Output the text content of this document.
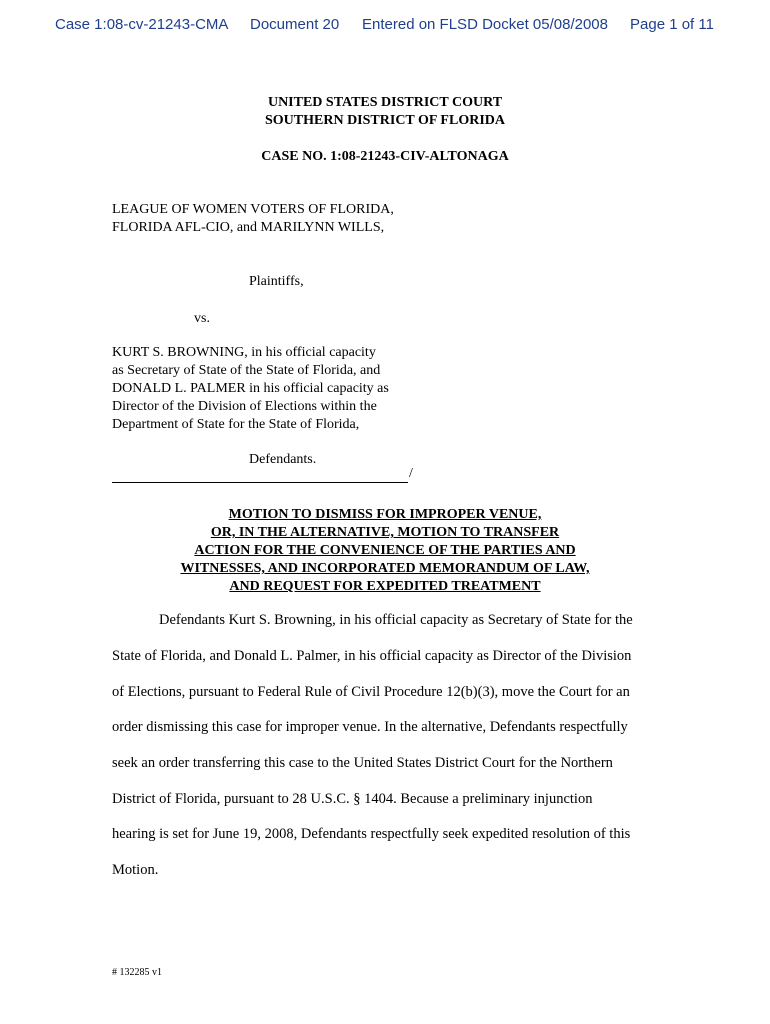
Case 1:08-cv-21243-CMA Document 20 Entered on FLSD Docket 05/08/2008 Page 1 of 11
UNITED STATES DISTRICT COURT
SOUTHERN DISTRICT OF FLORIDA
CASE NO. 1:08-21243-CIV-ALTONAGA
LEAGUE OF WOMEN VOTERS OF FLORIDA,
FLORIDA AFL-CIO, and MARILYNN WILLS,
Plaintiffs,
vs.
KURT S. BROWNING, in his official capacity
as Secretary of State of the State of Florida, and
DONALD L. PALMER in his official capacity as
Director of the Division of Elections within the
Department of State for the State of Florida,
Defendants.
/
MOTION TO DISMISS FOR IMPROPER VENUE,
OR, IN THE ALTERNATIVE, MOTION TO TRANSFER
ACTION FOR THE CONVENIENCE OF THE PARTIES AND
WITNESSES, AND INCORPORATED MEMORANDUM OF LAW,
AND REQUEST FOR EXPEDITED TREATMENT
Defendants Kurt S. Browning, in his official capacity as Secretary of State for the
State of Florida, and Donald L. Palmer, in his official capacity as Director of the Division
of Elections, pursuant to Federal Rule of Civil Procedure 12(b)(3), move the Court for an
order dismissing this case for improper venue. In the alternative, Defendants respectfully
seek an order transferring this case to the United States District Court for the Northern
District of Florida, pursuant to 28 U.S.C. § 1404. Because a preliminary injunction
hearing is set for June 19, 2008, Defendants respectfully seek expedited resolution of this
Motion.
# 132285 v1
